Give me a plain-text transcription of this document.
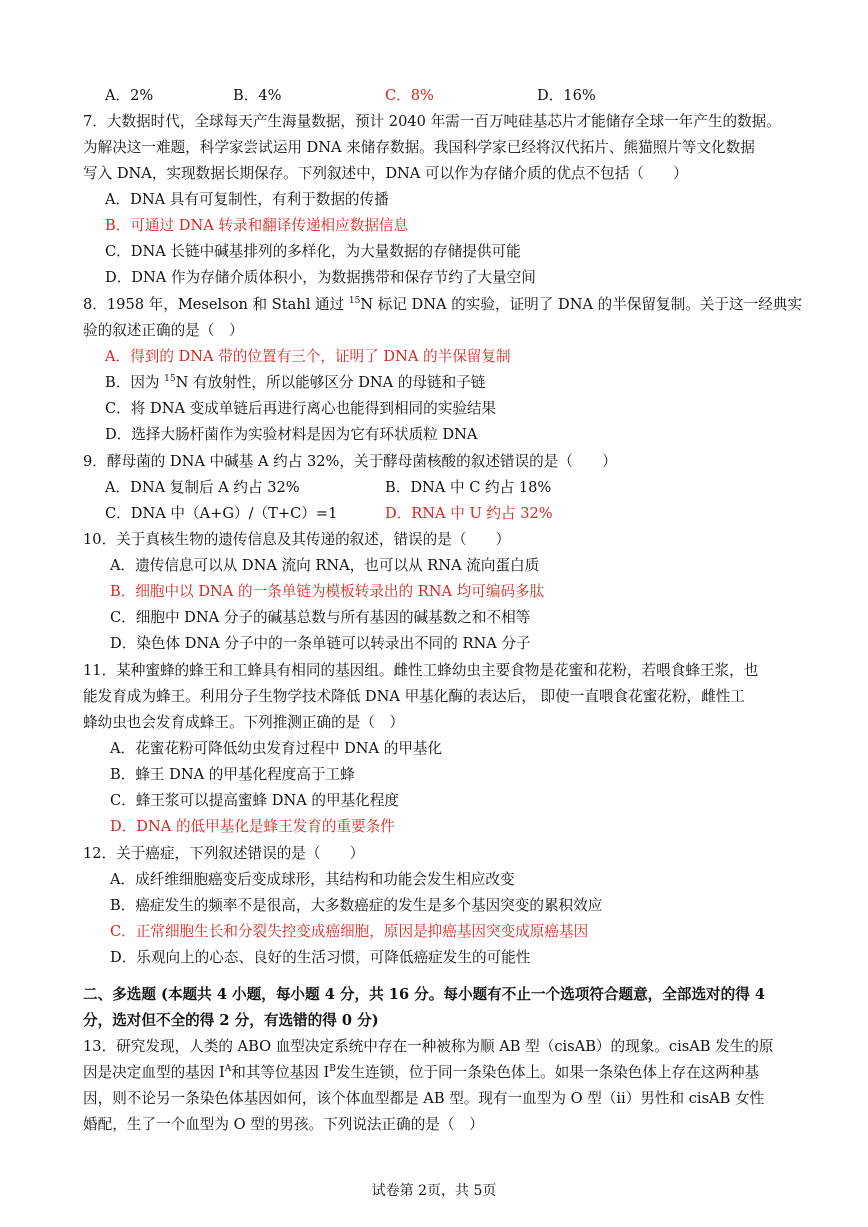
A．2%	B．4%	C．8%	D．16%
7．大数据时代，全球每天产生海量数据，预计 2040 年需一百万吨硅基芯片才能储存全球一年产生的数据。
为解决这一难题，科学家尝试运用 DNA 来储存数据。我国科学家已经将汉代拓片、熊猫照片等文化数据
写入 DNA，实现数据长期保存。下列叙述中，DNA 可以作为存储介质的优点不包括（　　）
A．DNA 具有可复制性，有利于数据的传播
B．可通过 DNA 转录和翻译传递相应数据信息
C．DNA 长链中碱基排列的多样化，为大量数据的存储提供可能
D．DNA 作为存储介质体积小，为数据携带和保存节约了大量空间
8．1958 年，Meselson 和 Stahl 通过 $^{15}$N 标记 DNA 的实验，证明了 DNA 的半保留复制。关于这一经典实
验的叙述正确的是（　）
A．得到的 DNA 带的位置有三个，证明了 DNA 的半保留复制
B．因为 $^{15}$N 有放射性，所以能够区分 DNA 的母链和子链
C．将 DNA 变成单链后再进行离心也能得到相同的实验结果
D．选择大肠杆菌作为实验材料是因为它有环状质粒 DNA
9．酵母菌的 DNA 中碱基 A 约占 32%，关于酵母菌核酸的叙述错误的是（　　）
A．DNA 复制后 A 约占 32%	B．DNA 中 C 约占 18%
C．DNA 中（A+G）/（T+C）=1	D．RNA 中 U 约占 32%
10．关于真核生物的遗传信息及其传递的叙述，错误的是（　　）
A．遗传信息可以从 DNA 流向 RNA，也可以从 RNA 流向蛋白质
B．细胞中以 DNA 的一条单链为模板转录出的 RNA 均可编码多肽
C．细胞中 DNA 分子的碱基总数与所有基因的碱基数之和不相等
D．染色体 DNA 分子中的一条单链可以转录出不同的 RNA 分子
11．某种蜜蜂的蜂王和工蜂具有相同的基因组。雌性工蜂幼虫主要食物是花蜜和花粉，若喂食蜂王浆，也
能发育成为蜂王。利用分子生物学技术降低 DNA 甲基化酶的表达后， 即使一直喂食花蜜花粉，雌性工
蜂幼虫也会发育成蜂王。下列推测正确的是（　）
A．花蜜花粉可降低幼虫发育过程中 DNA 的甲基化
B．蜂王 DNA 的甲基化程度高于工蜂
C．蜂王浆可以提高蜜蜂 DNA 的甲基化程度
D．DNA 的低甲基化是蜂王发育的重要条件
12．关于癌症，下列叙述错误的是（　　）
A．成纤维细胞癌变后变成球形，其结构和功能会发生相应改变
B．癌症发生的频率不是很高，大多数癌症的发生是多个基因突变的累积效应
C．正常细胞生长和分裂失控变成癌细胞，原因是抑癌基因突变成原癌基因
D．乐观向上的心态、良好的生活习惯，可降低癌症发生的可能性
二、多选题 (本题共 4 小题，每小题 4 分，共 16 分。每小题有不止一个选项符合题意，全部选对的得 4
分，选对但不全的得 2 分，有选错的得 0 分)
13．研究发现，人类的 ABO 血型决定系统中存在一种被称为顺 AB 型（cisAB）的现象。cisAB 发生的原
因是决定血型的基因 $I^A$和其等位基因 $I^B$发生连锁，位于同一条染色体上。如果一条染色体上存在这两种基
因，则不论另一条染色体基因如何，该个体血型都是 AB 型。现有一血型为 O 型（ii）男性和 cisAB 女性
婚配，生了一个血型为 O 型的男孩。下列说法正确的是（　）
试卷第 2页，共 5页
